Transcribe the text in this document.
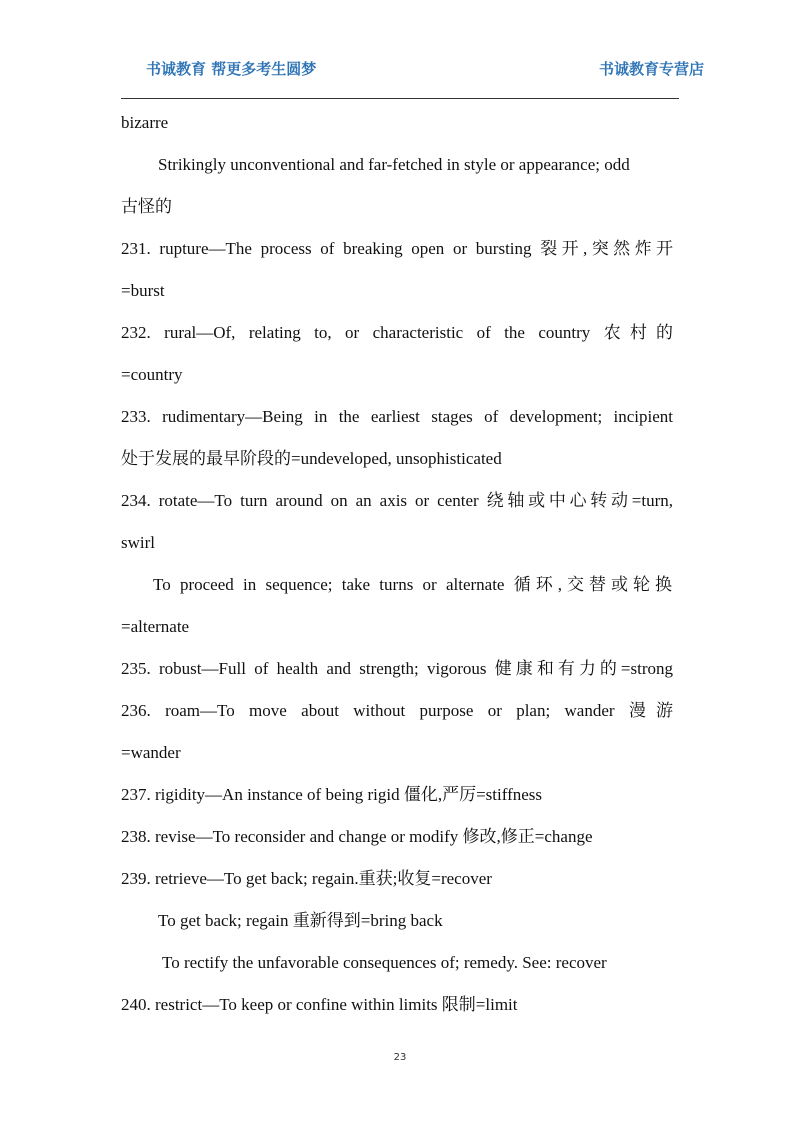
书诚教育 帮更多考生圆梦	书诚教育专营店
bizarre
Strikingly unconventional and far-fetched in style or appearance; odd
古怪的
231. rupture—The process of breaking open or bursting 裂开,突然炸开
=burst
232. rural—Of, relating to, or characteristic of the country 农村的
=country
233. rudimentary—Being in the earliest stages of development; incipient
处于发展的最早阶段的=undeveloped, unsophisticated
234. rotate—To turn around on an axis or center 绕轴或中心转动=turn,
swirl
To proceed in sequence; take turns or alternate 循环,交替或轮换
=alternate
235. robust—Full of health and strength; vigorous 健康和有力的=strong
236. roam—To move about without purpose or plan; wander 漫游
=wander
237. rigidity—An instance of being rigid 僵化,严厉=stiffness
238. revise—To reconsider and change or modify 修改,修正=change
239. retrieve—To get back; regain.重获;收复=recover
To get back; regain 重新得到=bring back
To rectify the unfavorable consequences of; remedy. See: recover
240. restrict—To keep or confine within limits 限制=limit
23
